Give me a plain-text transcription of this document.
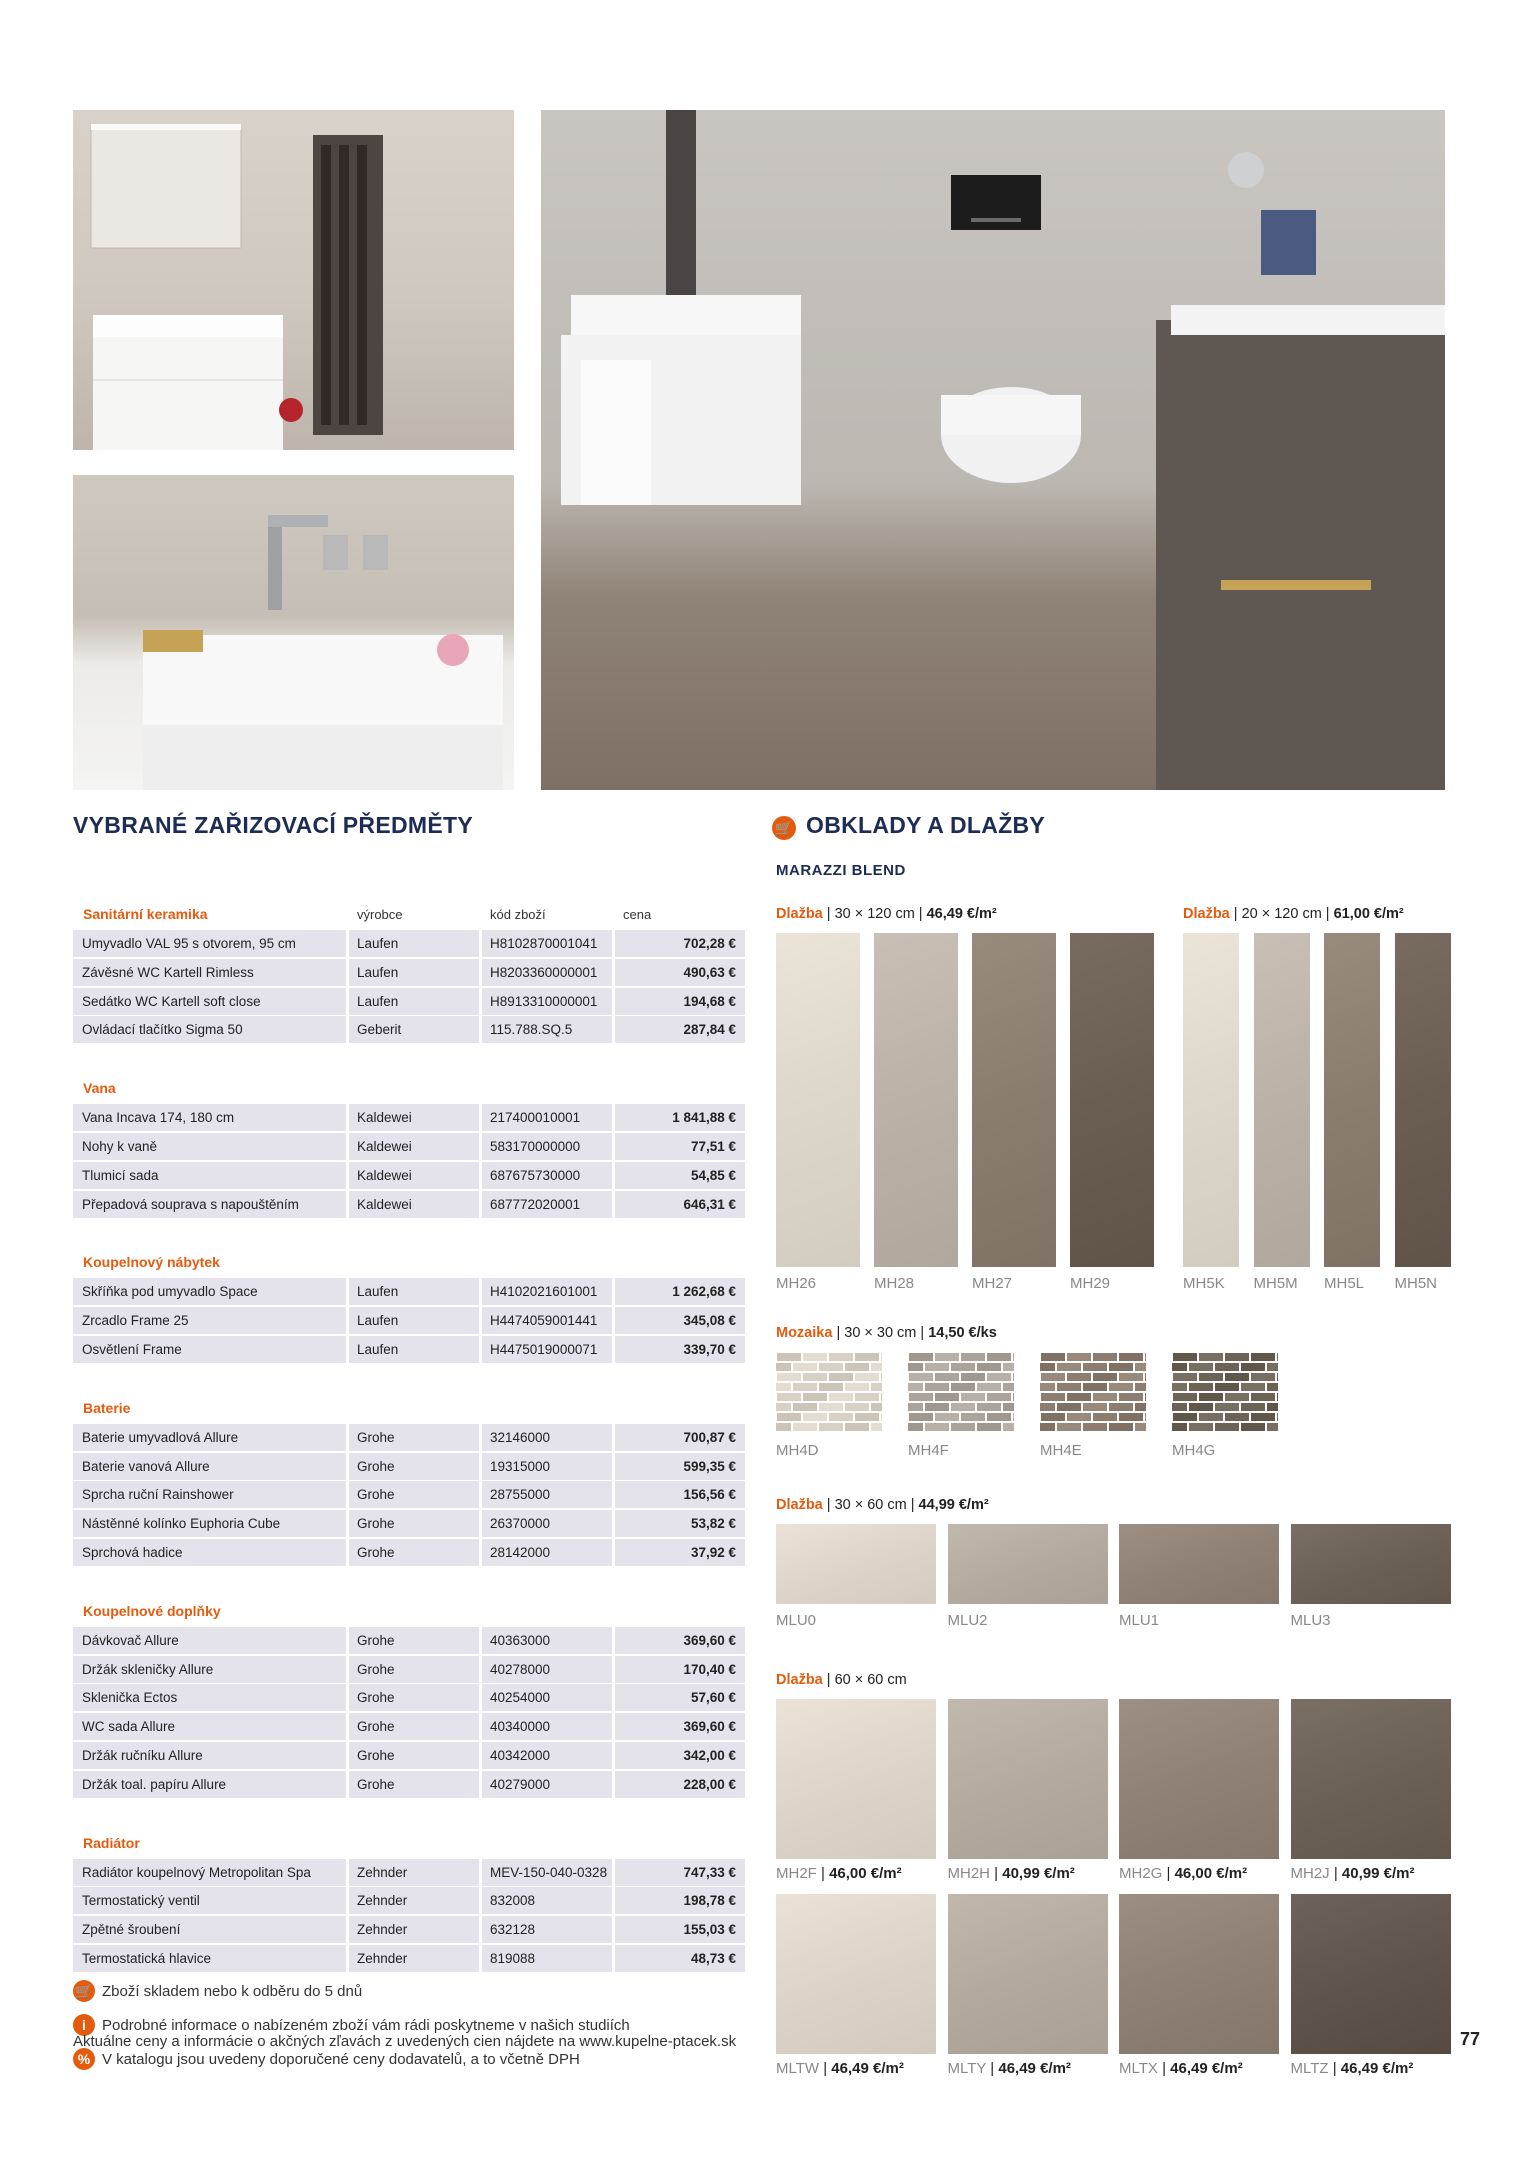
VYBRANÉ ZAŘIZOVACÍ PŘEDMĚTY
Sanitární keramika	výrobce	kód zboží	cena
Umyvadlo VAL 95 s otvorem, 95 cm	Laufen	H8102870001041	702,28 €
Závěsné WC Kartell Rimless	Laufen	H8203360000001	490,63 €
Sedátko WC Kartell soft close	Laufen	H8913310000001	194,68 €
Ovládací tlačítko Sigma 50	Geberit	115.788.SQ.5	287,84 €
Vana
Vana Incava 174, 180 cm	Kaldewei	217400010001	1 841,88 €
Nohy k vaně	Kaldewei	583170000000	77,51 €
Tlumicí sada	Kaldewei	687675730000	54,85 €
Přepadová souprava s napouštěním	Kaldewei	687772020001	646,31 €
Koupelnový nábytek
Skříňka pod umyvadlo Space	Laufen	H4102021601001	1 262,68 €
Zrcadlo Frame 25	Laufen	H4474059001441	345,08 €
Osvětlení Frame	Laufen	H4475019000071	339,70 €
Baterie
Baterie umyvadlová Allure	Grohe	32146000	700,87 €
Baterie vanová Allure	Grohe	19315000	599,35 €
Sprcha ruční Rainshower	Grohe	28755000	156,56 €
Nástěnné kolínko Euphoria Cube	Grohe	26370000	53,82 €
Sprchová hadice	Grohe	28142000	37,92 €
Koupelnové doplňky
Dávkovač Allure	Grohe	40363000	369,60 €
Držák skleničky Allure	Grohe	40278000	170,40 €
Sklenička Ectos	Grohe	40254000	57,60 €
WC sada Allure	Grohe	40340000	369,60 €
Držák ručníku Allure	Grohe	40342000	342,00 €
Držák toal. papíru Allure	Grohe	40279000	228,00 €
Radiátor
Radiátor koupelnový Metropolitan Spa	Zehnder	MEV-150-040-0328	747,33 €
Termostatický ventil	Zehnder	832008	198,78 €
Zpětné šroubení	Zehnder	632128	155,03 €
Termostatická hlavice	Zehnder	819088	48,73 €
🛒 Zboží skladem nebo k odběru do 5 dnů
i	Podrobné informace o nabízeném zboží vám rádi poskytneme v našich studiích
% V katalogu jsou uvedeny doporučené ceny dodavatelů, a to včetně DPH
🛒 OBKLADY A DLAŽBY
MARAZZI BLEND
Dlažba | 30 × 120 cm | 46,49 €/m²	Dlažba | 20 × 120 cm | 61,00 €/m²
MH26	MH28	MH27	MH29	MH5K MH5M MH5L MH5N
Mozaika | 30 × 30 cm | 14,50 €/ks
MH4D	MH4F	MH4E	MH4G
Dlažba | 30 × 60 cm | 44,99 €/m²
MLU0	MLU2	MLU1	MLU3
Dlažba | 60 × 60 cm
MH2F | 46,00 €/m²	MH2H | 40,99 €/m²	MH2G | 46,00 €/m²	MH2J | 40,99 €/m²
MLTW | 46,49 €/m²	MLTY | 46,49 €/m²	MLTX | 46,49 €/m²	MLTZ | 46,49 €/m²
Aktuálne ceny a informácie o akčných zľavách z uvedených cien nájdete na www.kupelne-ptacek.sk	77
